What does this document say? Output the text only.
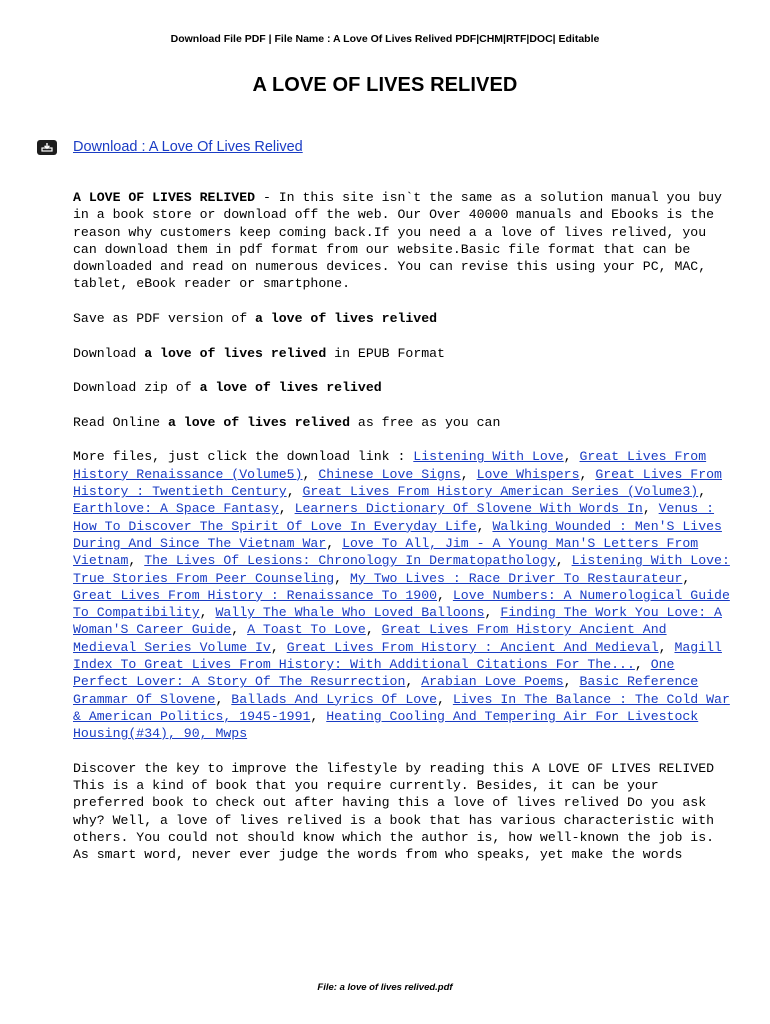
Download File PDF | File Name : A Love Of Lives Relived PDF|CHM|RTF|DOC| Editable
A LOVE OF LIVES RELIVED
Download : A Love Of Lives Relived

A LOVE OF LIVES RELIVED - In this site isn`t the same as a solution manual you buy in a book store or download off the web. Our Over 40000 manuals and Ebooks is the reason why customers keep coming back.If you need a a love of lives relived, you can download them in pdf format from our website.Basic file format that can be downloaded and read on numerous devices. You can revise this using your PC, MAC, tablet, eBook reader or smartphone.

Save as PDF version of a love of lives relived

Download a love of lives relived in EPUB Format

Download zip of a love of lives relived

Read Online a love of lives relived as free as you can

More files, just click the download link : Listening With Love, Great Lives From History Renaissance (Volume5), Chinese Love Signs, Love Whispers, Great Lives From History : Twentieth Century, Great Lives From History American Series (Volume3), Earthlove: A Space Fantasy, Learners Dictionary Of Slovene With Words In, Venus : How To Discover The Spirit Of Love In Everyday Life, Walking Wounded : Men'S Lives During And Since The Vietnam War, Love To All, Jim - A Young Man'S Letters From Vietnam, The Lives Of Lesions: Chronology In Dermatopathology, Listening With Love: True Stories From Peer Counseling, My Two Lives : Race Driver To Restaurateur, Great Lives From History : Renaissance To 1900, Love Numbers: A Numerological Guide To Compatibility, Wally The Whale Who Loved Balloons, Finding The Work You Love: A Woman'S Career Guide, A Toast To Love, Great Lives From History Ancient And Medieval Series Volume Iv, Great Lives From History : Ancient And Medieval, Magill Index To Great Lives From History: With Additional Citations For The..., One Perfect Lover: A Story Of The Resurrection, Arabian Love Poems, Basic Reference Grammar Of Slovene, Ballads And Lyrics Of Love, Lives In The Balance : The Cold War & American Politics, 1945-1991, Heating Cooling And Tempering Air For Livestock Housing(#34), 90, Mwps

Discover the key to improve the lifestyle by reading this A LOVE OF LIVES RELIVED This is a kind of book that you require currently. Besides, it can be your preferred book to check out after having this a love of lives relived Do you ask why? Well, a love of lives relived is a book that has various characteristic with others. You could not should know which the author is, how well-known the job is. As smart word, never ever judge the words from who speaks, yet make the words

File: a love of lives relived.pdf
